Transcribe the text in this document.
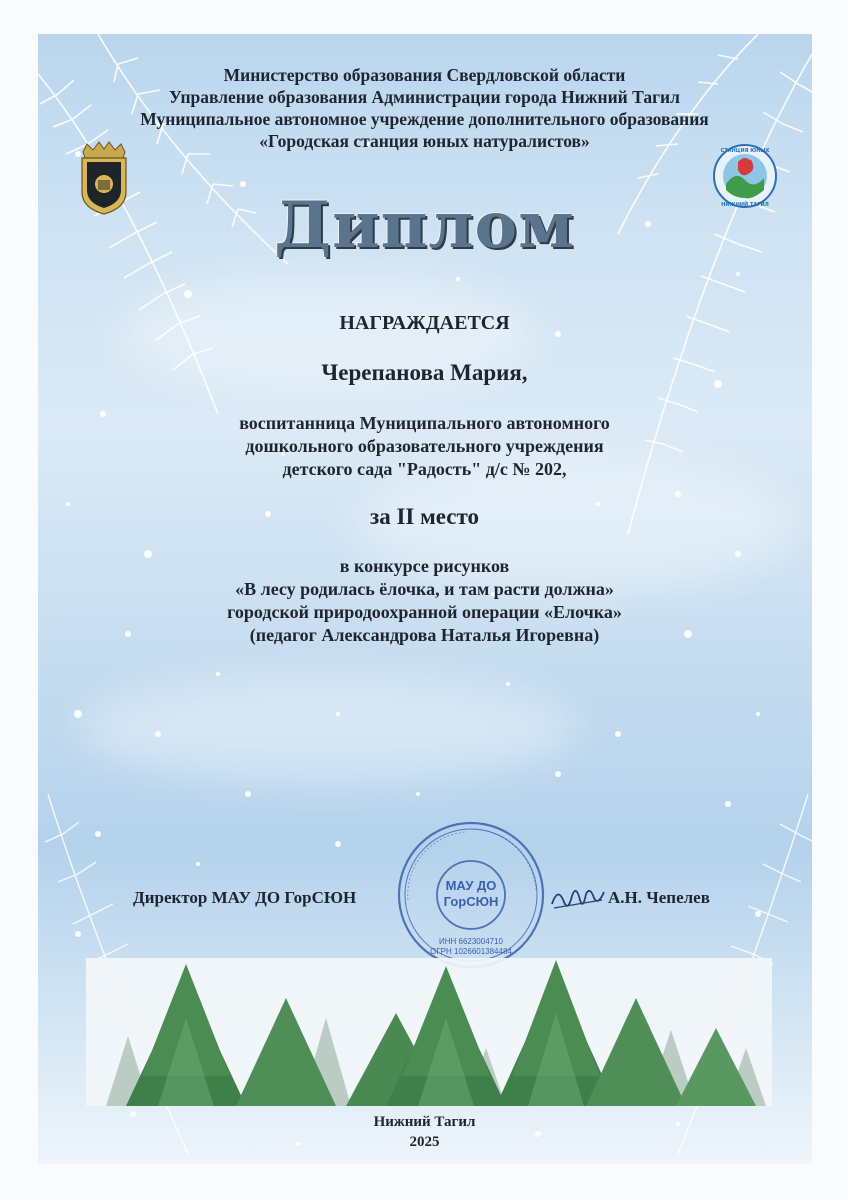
Министерство образования Свердловской области
Управление образования Администрации города Нижний Тагил
Муниципальное автономное учреждение дополнительного образования
«Городская станция юных натуралистов»	СТАНЦИЯ ЮНЫХ
НИЖНИЙ ТАГИЛ
Диплом
НАГРАЖДАЕТСЯ
Черепанова Мария,
воспитанница Муниципального автономного
дошкольного образовательного учреждения
детского сада "Радость" д/с № 202,
за II место
в конкурсе рисунков
«В лесу родилась ёлочка, и там расти должна»
городской природоохранной операции «Елочка»
(педагог Александрова Наталья Игоревна)
МАУ ДО
ГорСЮН
ИНН 6623004710
ОГРН 1026601384484
Директор МАУ ДО ГорСЮН	А.Н. Чепелев
Нижний Тагил
2025
